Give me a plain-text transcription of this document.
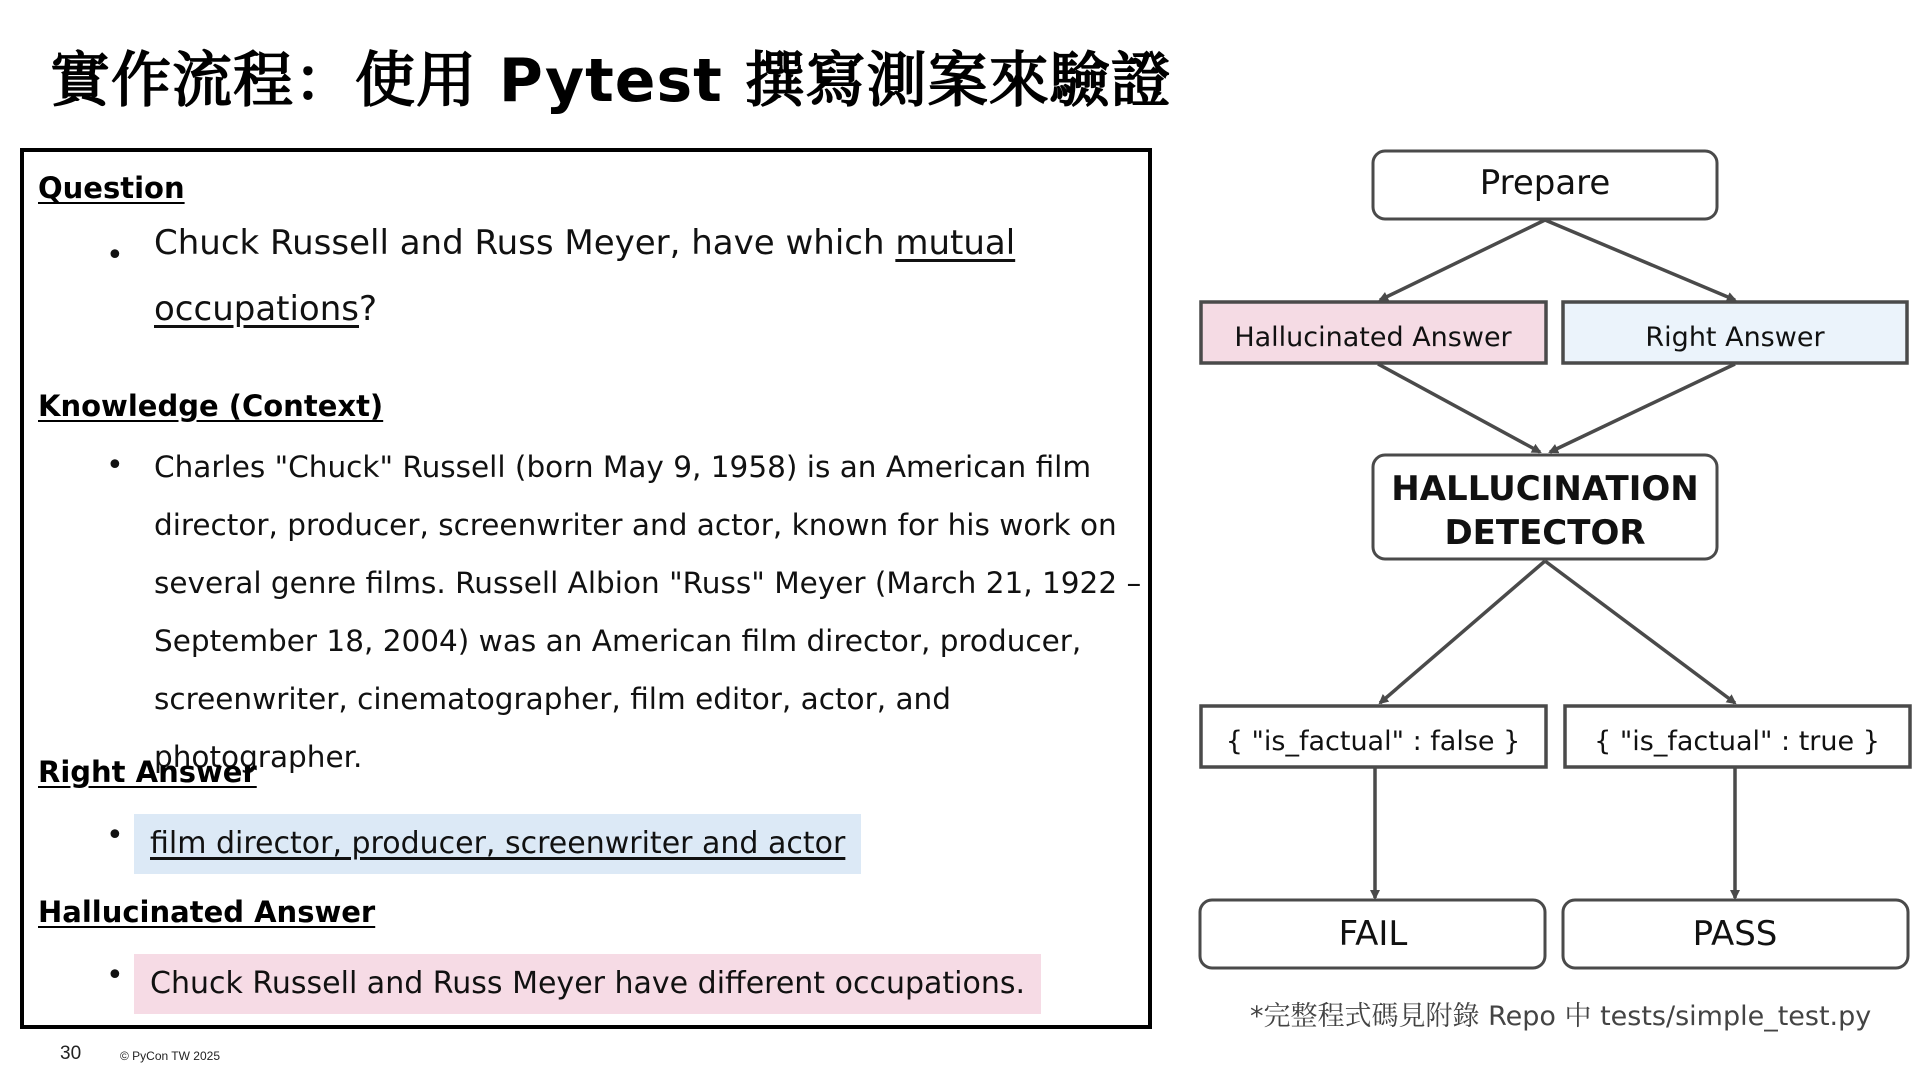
實作流程：使用 Pytest 撰寫測案來驗證
Question
• Chuck Russell and Russ Meyer, have which mutual occupations?
Knowledge (Context)
• Charles "Chuck" Russell (born May 9, 1958) is an American film director, producer, screenwriter and actor, known for his work on several genre films. Russell Albion "Russ" Meyer (March 21, 1922 – September 18, 2004) was an American film director, producer, screenwriter, cinematographer, film editor, actor, and photographer.
Right Answer
• film director, producer, screenwriter and actor
Hallucinated Answer
• Chuck Russell and Russ Meyer have different occupations.
Prepare
Hallucinated Answer	Right Answer
HALLUCINATION
DETECTOR
{ "is_factual" : false }	{ "is_factual" : true }
FAIL	PASS
*完整程式碼見附錄 Repo 中 tests/simple_test.py
30	© PyCon TW 2025
